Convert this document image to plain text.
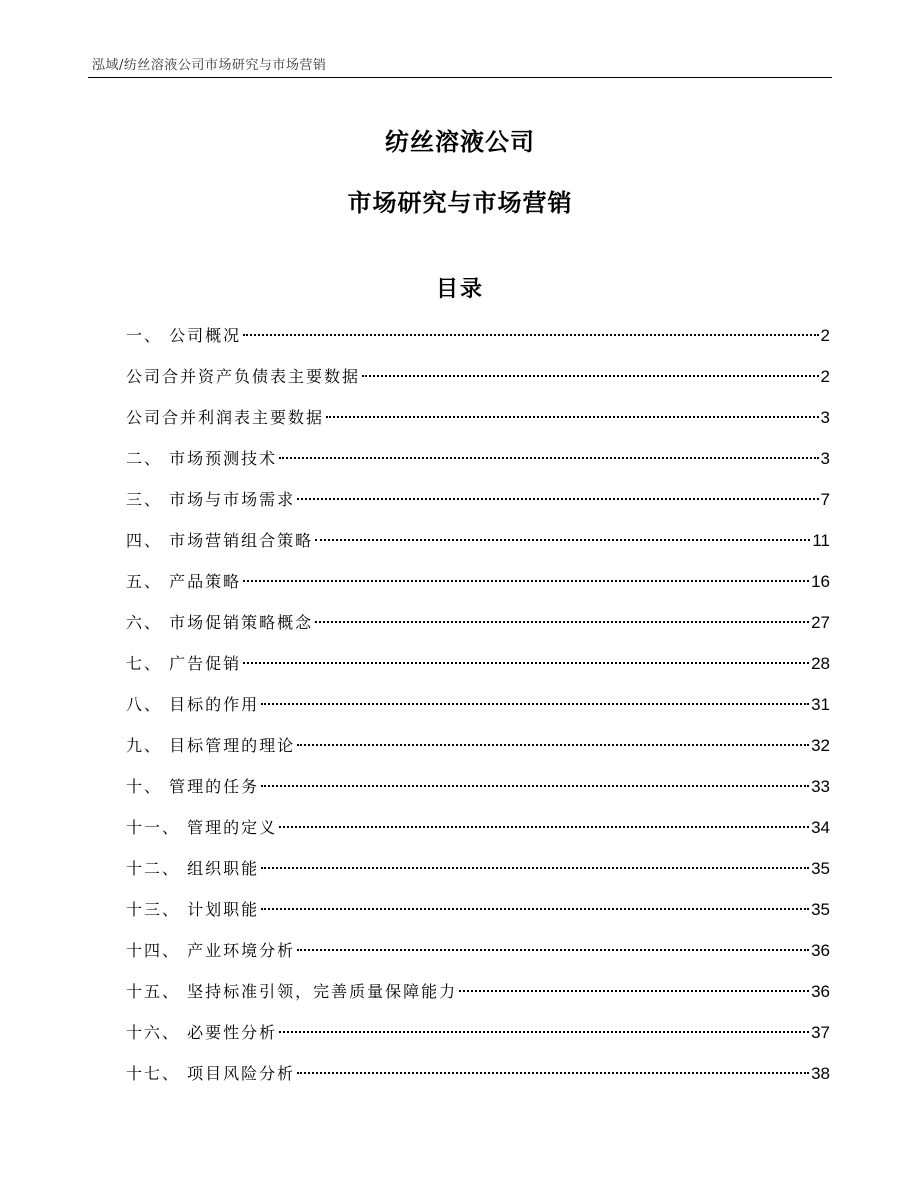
泓域/纺丝溶液公司市场研究与市场营销
纺丝溶液公司
市场研究与市场营销
目录
一、 公司概况	2
公司合并资产负债表主要数据	2
公司合并利润表主要数据	3
二、 市场预测技术	3
三、 市场与市场需求	7
四、 市场营销组合策略	11
五、 产品策略	16
六、 市场促销策略概念	27
七、 广告促销	28
八、 目标的作用	31
九、 目标管理的理论	32
十、 管理的任务	33
十一、 管理的定义	34
十二、 组织职能	35
十三、 计划职能	35
十四、 产业环境分析	36
十五、 坚持标准引领，完善质量保障能力	36
十六、 必要性分析	37
十七、 项目风险分析	38
